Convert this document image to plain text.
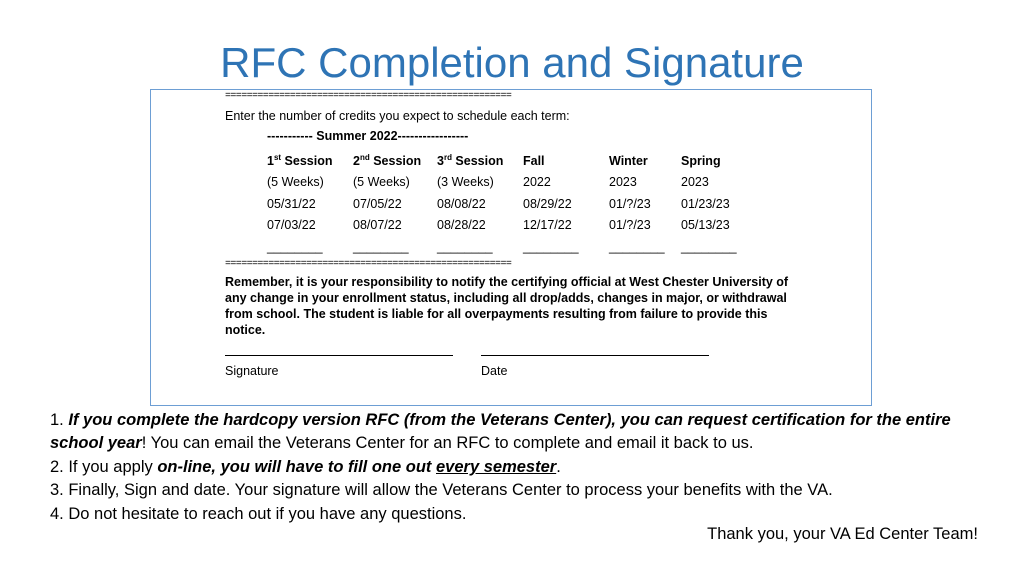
RFC Completion and Signature
=====================================================
Enter the number of credits you expect to schedule each term:
----------- Summer 2022-----------------
1st Session	2nd Session	3rd Session	Fall	Winter	Spring
(5 Weeks)	(5 Weeks)	(3 Weeks)	2022	2023	2023
05/31/22	07/05/22	08/08/22	08/29/22	01/?/23	01/23/23
07/03/22	08/07/22	08/28/22	12/17/22	01/?/23	05/13/23
________	________	________	________	________	________
=====================================================
Remember, it is your responsibility to notify the certifying official at West Chester University of any change in your enrollment status, including all drop/adds, changes in major, or withdrawal from school. The student is liable for all overpayments resulting from failure to provide this notice.
Signature	Date

1. If you complete the hardcopy version RFC (from the Veterans Center), you can request certification for the entire school year! You can email the Veterans Center for an RFC to complete and email it back to us.

2. If you apply on-line, you will have to fill one out every semester.

3. Finally, Sign and date. Your signature will allow the Veterans Center to process your benefits with the VA.

4. Do not hesitate to reach out if you have any questions.

Thank you, your VA Ed Center Team!
